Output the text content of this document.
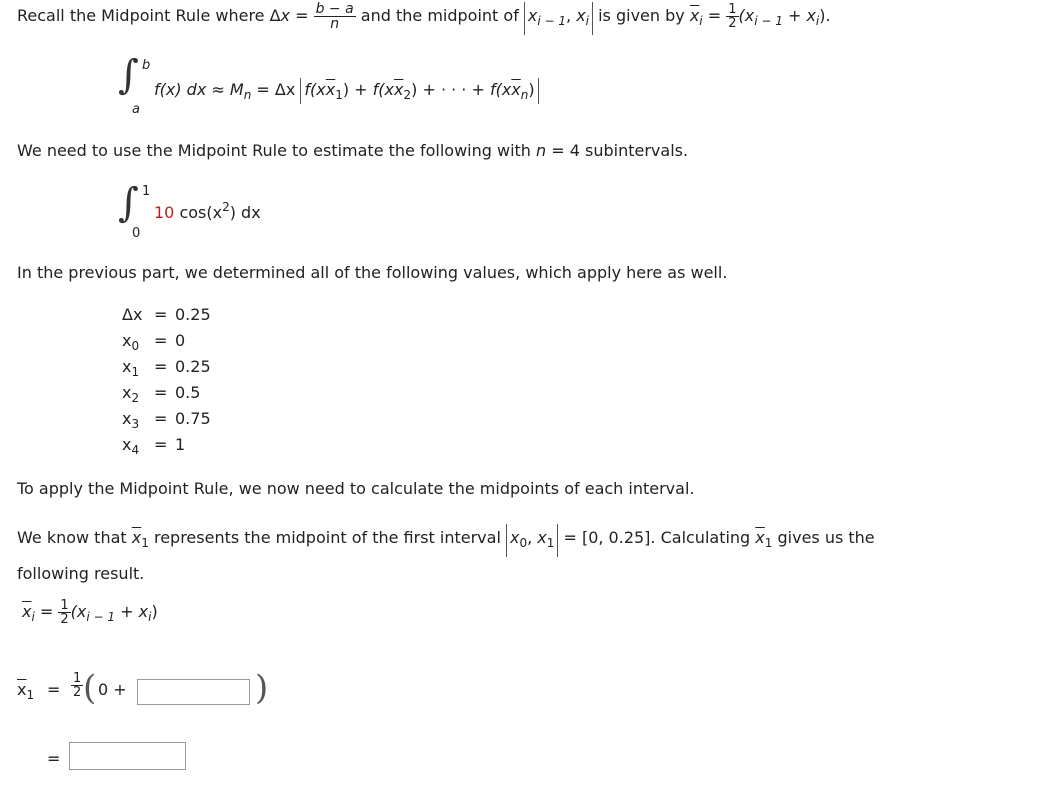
Recall the Midpoint Rule where $\Delta x = \frac{b - a}{n}$ and the midpoint of $x_{i - 1}$, $x_i$ is given by $\overline{x}_i = \frac{1}{2} (x_{i - 1} + x_i)$.
∫ b
a
f(x) dx ≈ $M_n = \Delta x$ $f(x\overline{x}_1) + f(x\overline{x}_2)$ + · · · + $f(x\overline{x}_n)$
We need to use the Midpoint Rule to estimate the following with n = 4 subintervals.
∫ 1
0
10 $\cos(x^2)$ dx
In the previous part, we determined all of the following values, which apply here as well.
Δx = 0.25
$x_0 = 0$
$x_1 = 0.25$
$x_2 = 0.5$
$x_3 = 0.75$
$x_4 = 1$
To apply the Midpoint Rule, we now need to calculate the midpoints of each interval.
We know that $\overline{x}_1$ represents the midpoint of the first interval $x_0$, $x_1 = [0$, 0.25]. Calculating $\overline{x}_1$ gives us the
following result.
$\overline{x}_i = \frac{1}{2} (x_{i - 1} + x_i)$
$\overline{x}_1 = \frac{1}{2}$ ( 0 +	)
=
